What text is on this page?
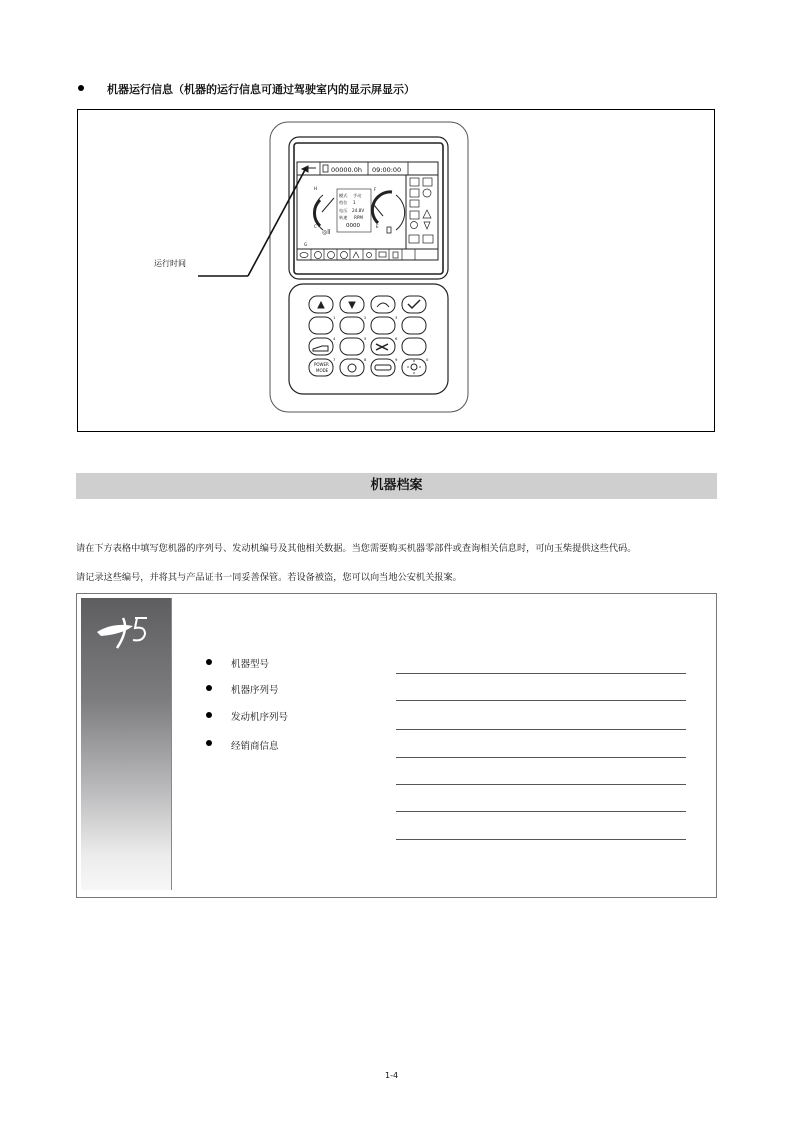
机器运行信息（机器的运行信息可通过驾驶室内的显示屏显示）
00000.0h 09:00:00
H
C
◎ll
模式 手动
档位 1
电压 24.8V
转速 RPM
0000
F
E
G
POWER
MODE
1	2	3
4	5	6
7	8	9	0
运行时间
机器档案
请在下方表格中填写您机器的序列号、发动机编号及其他相关数据。当您需要购买机器零部件或查询相关信息时，可向玉柴提供这些代码。
请记录这些编号，并将其与产品证书一同妥善保管。若设备被盗，您可以向当地公安机关报案。
机器型号
机器序列号
发动机序列号
经销商信息
1-4
